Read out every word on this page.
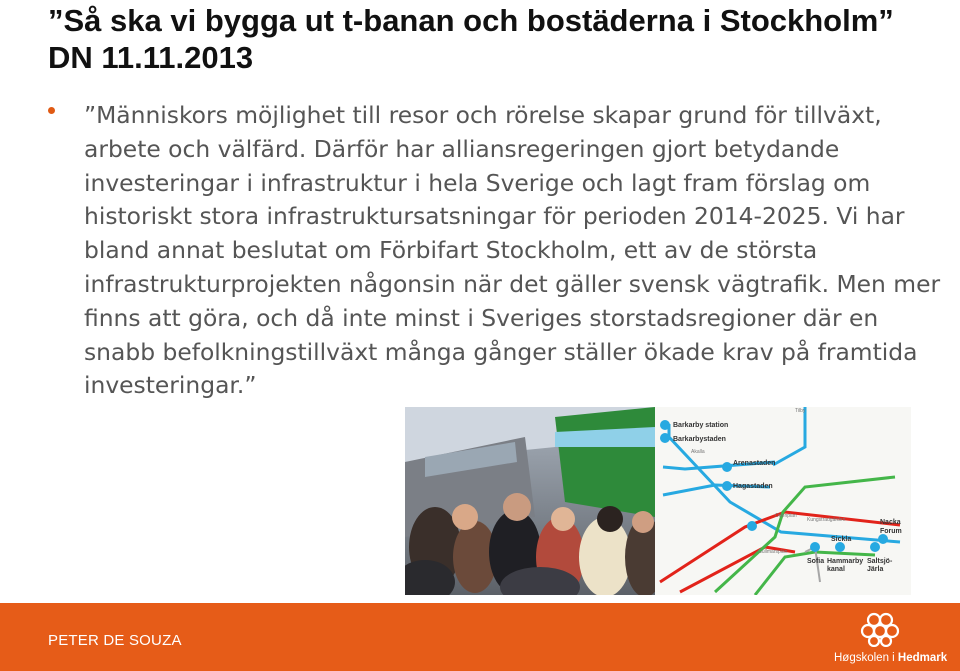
”Så ska vi bygga ut t-banan och bostäderna i Stockholm” DN 11.11.2013

”Människors möjlighet till resor och rörelse skapar grund för tillväxt, arbete och välfärd. Därför har alliansregeringen gjort betydande investeringar i infrastruktur i hela Sverige och lagt fram förslag om historiskt stora infrastruktursatsningar för perioden 2014-2025. Vi har bland annat beslutat om Förbifart Stockholm, ett av de största infrastrukturprojekten någonsin när det gäller svensk vägtrafik. Men mer finns att göra, och då inte minst i Sveriges storstadsregioner där en snabb befolkningstillväxt många gånger ställer ökade krav på framtida investeringar.”

Barkarby station
Barkarbystaden
Akalla
Arenastaden
Hagastaden
Odenplan
Kungsträdgården
Gullmarsplan
Sickla
Nacka
Forum
Sofia Hammarby
kanal
Saltsjö-
Järla
Tilby
PETER DE SOUZA
Høgskolen i Hedmark
